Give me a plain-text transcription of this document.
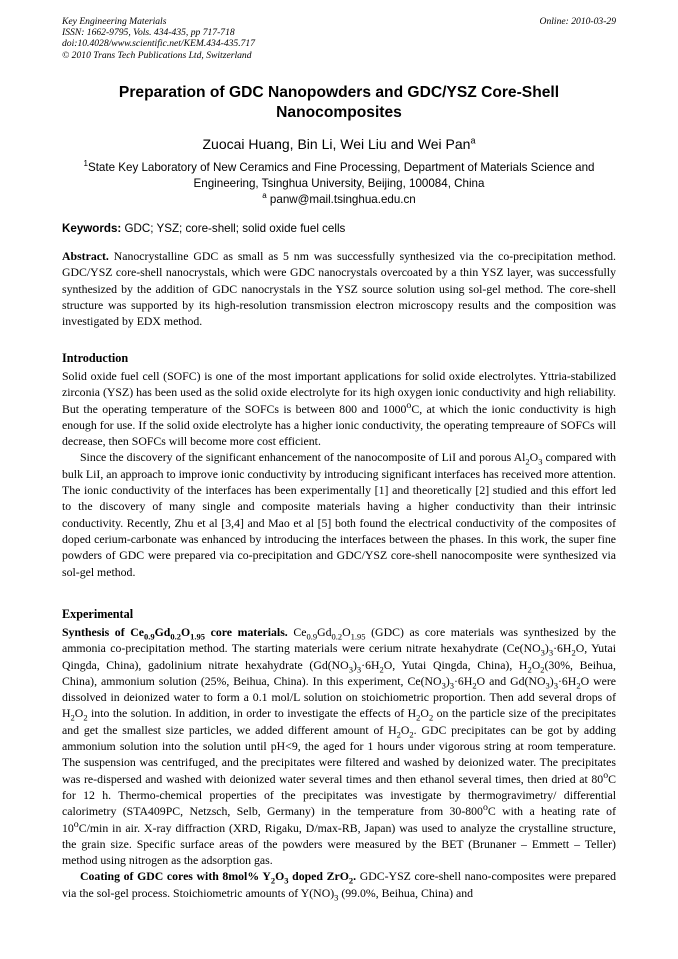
Key Engineering Materials
ISSN: 1662-9795, Vols. 434-435, pp 717-718
doi:10.4028/www.scientific.net/KEM.434-435.717
© 2010 Trans Tech Publications Ltd, Switzerland
Online: 2010-03-29
Preparation of GDC Nanopowders and GDC/YSZ Core-Shell Nanocomposites
Zuocai Huang, Bin Li, Wei Liu and Wei Pan$^a$
$^1$State Key Laboratory of New Ceramics and Fine Processing, Department of Materials Science and Engineering, Tsinghua University, Beijing, 100084, China
$^a$ panw@mail.tsinghua.edu.cn
Keywords: GDC; YSZ; core-shell; solid oxide fuel cells
Abstract. Nanocrystalline GDC as small as 5 nm was successfully synthesized via the co-precipitation method. GDC/YSZ core-shell nanocrystals, which were GDC nanocrystals overcoated by a thin YSZ layer, was successfully synthesized by the addition of GDC nanocrystals in the YSZ source solution using sol-gel method. The core-shell structure was supported by its high-resolution transmission electron microscopy results and the composition was investigated by EDX method.
Introduction

Solid oxide fuel cell (SOFC) is one of the most important applications for solid oxide electrolytes. Yttria-stabilized zirconia (YSZ) has been used as the solid oxide electrolyte for its high oxygen ionic conductivity and high reliability. But the operating temperature of the SOFCs is between 800 and 1000$^o$C, at which the ionic conductivity is high enough for use. If the solid oxide electrolyte has a higher ionic conductivity, the operating tempreaure of SOFCs will decrease, then SOFCs will become more cost efficient.

Since the discovery of the significant enhancement of the nanocomposite of LiI and porous $Al_2O_3$ compared with bulk LiI, an approach to improve ionic conductivity by introducing significant interfaces has received more attention. The ionic conductivity of the interfaces has been experimentally [1] and theoretically [2] studied and this effort led to the discovery of many single and composite materials having a higher conductivity than their intrinsic conductivity. Recently, Zhu et al [3,4] and Mao et al [5] both found the electrical conductivity of the composites of doped cerium-carbonate was enhanced by introducing the interfaces between the phases. In this work, the super fine powders of GDC were prepared via co-precipitation and GDC/YSZ core-shell nanocomposite were synthesized via sol-gel method.

Experimental

Synthesis of $Ce_{0.9}Gd_{0.2}O_{1.95}$ core materials. $Ce_{0.9}Gd_{0.2}O_{1.95}$ (GDC) as core materials was synthesized by the ammonia co-precipitation method. The starting materials were cerium nitrate hexahydrate ($Ce(NO_3)_3\cdot 6H_2O$, Yutai Qingda, China), gadolinium nitrate hexahydrate ($Gd(NO_3)_3\cdot 6H_2O$, Yutai Qingda, China), $H_2O_2(30\%$, Beihua, China), ammonium solution (25%, Beihua, China). In this experiment, $Ce(NO_3)_3\cdot 6H_2O$ and $Gd(NO_3)_3\cdot 6H_2O$ were dissolved in deionized water to form a 0.1 mol/L solution on stoichiometric proportion. Then add several drops of $H_2O_2$ into the solution. In addition, in order to investigate the effects of $H_2O_2$ on the particle size of the precipitates and get the smallest size particles, we added different amount of $H_2O_2$. GDC precipitates can be got by adding ammonium solution into the solution until pH<9, the aged for 1 hours under vigorous string at room temperature. The suspension was centrifuged, and the precipitates were filtered and washed by deionized water. The precipitates was re-dispersed and washed with deionized water several times and then ethanol several times, then dried at 80$^o$C for 12 h. Thermo-chemical properties of the precipitates was investigate by thermogravimetry/ differential calorimetry (STA409PC, Netzsch, Selb, Germany) in the temperature from 30-800$^o$C with a heating rate of 10$^o$C/min in air. X-ray diffraction (XRD, Rigaku, D/max-RB, Japan) was used to analyze the crystalline structure, the grain size. Specific surface areas of the powders were measured by the BET (Brunaner – Emmett – Teller) method using nitrogen as the adsorption gas.

Coating of GDC cores with 8mol% $Y_2O_3$ doped ZrO$_2$. GDC-YSZ core-shell nano-composites were prepared via the sol-gel process. Stoichiometric amounts of $Y(NO)_3$ (99.0%, Beihua, China) and
